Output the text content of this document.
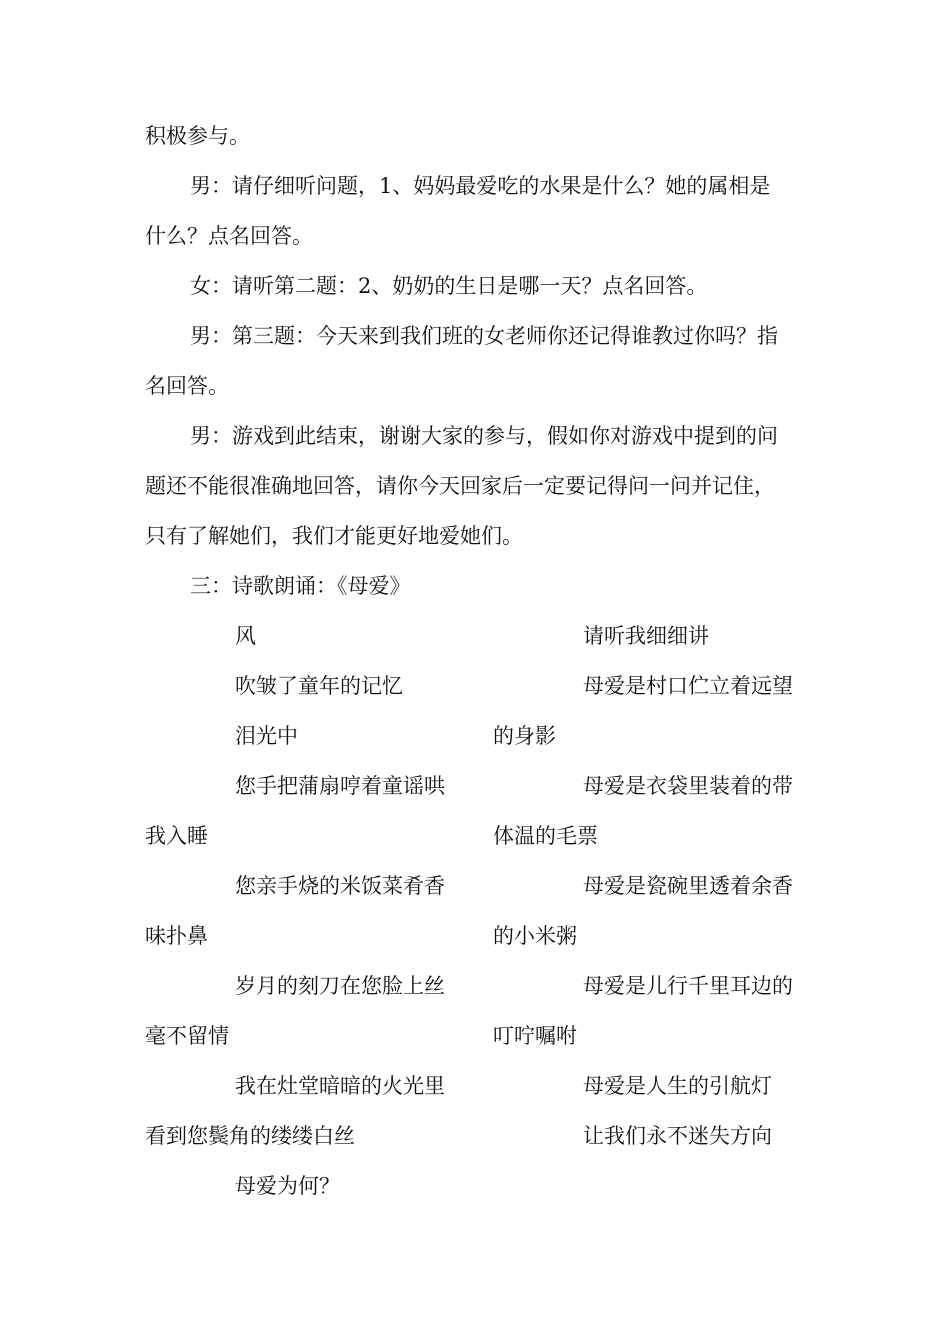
积极参与。
男：请仔细听问题，1、妈妈最爱吃的水果是什么？她的属相是
什么？点名回答。
女：请听第二题：2、奶奶的生日是哪一天？点名回答。
男：第三题：今天来到我们班的女老师你还记得谁教过你吗？指
名回答。
男：游戏到此结束，谢谢大家的参与，假如你对游戏中提到的问
题还不能很准确地回答，请你今天回家后一定要记得问一问并记住，
只有了解她们，我们才能更好地爱她们。
三：诗歌朗诵：《母爱》
风
吹皱了童年的记忆
泪光中
您手把蒲扇哼着童谣哄
我入睡
您亲手烧的米饭菜肴香
味扑鼻
岁月的刻刀在您脸上丝
毫不留情
我在灶堂暗暗的火光里
看到您鬓角的缕缕白丝
母爱为何？
请听我细细讲
母爱是村口伫立着远望
的身影
母爱是衣袋里装着的带
体温的毛票
母爱是瓷碗里透着余香
的小米粥
母爱是儿行千里耳边的
叮咛嘱咐
母爱是人生的引航灯
让我们永不迷失方向
